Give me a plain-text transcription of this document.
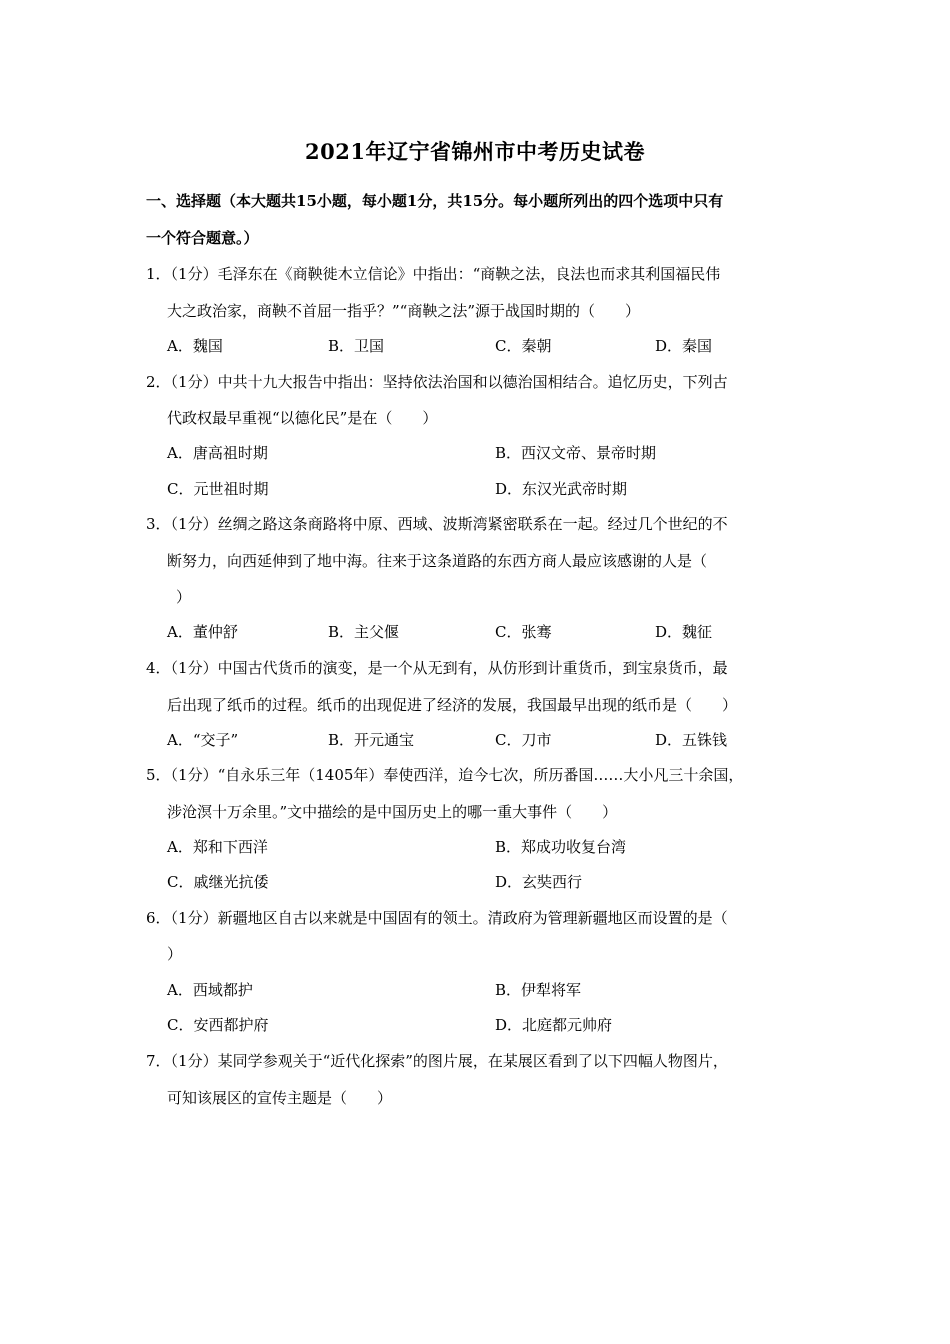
2021年辽宁省锦州市中考历史试卷
一、选择题（本大题共15小题，每小题1分，共15分。每小题所列出的四个选项中只有
一个符合题意。）
1．（1分）毛泽东在《商鞅徙木立信论》中指出：“商鞅之法，良法也而求其利国福民伟
大之政治家，商鞅不首屈一指乎？”“商鞅之法”源于战国时期的（　　）
A．魏国	B．卫国	C．秦朝	D．秦国
2．（1分）中共十九大报告中指出：坚持依法治国和以德治国相结合。追忆历史，下列古
代政权最早重视“以德化民”是在（　　）
A．唐高祖时期	B．西汉文帝、景帝时期
C．元世祖时期	D．东汉光武帝时期
3．（1分）丝绸之路这条商路将中原、西域、波斯湾紧密联系在一起。经过几个世纪的不
断努力，向西延伸到了地中海。往来于这条道路的东西方商人最应该感谢的人是（
）
A．董仲舒	B．主父偃	C．张骞	D．魏征
4．（1分）中国古代货币的演变，是一个从无到有，从仿形到计重货币，到宝泉货币，最
后出现了纸币的过程。纸币的出现促进了经济的发展，我国最早出现的纸币是（　　）
A．“交子”	B．开元通宝	C．刀市	D．五铢钱
5．（1分）“自永乐三年（1405年）奉使西洋，迨今七次，所历番国……大小凡三十余国，
涉沧溟十万余里。”文中描绘的是中国历史上的哪一重大事件（　　）
A．郑和下西洋	B．郑成功收复台湾
C．戚继光抗倭	D．玄奘西行
6．（1分）新疆地区自古以来就是中国固有的领土。清政府为管理新疆地区而设置的是（
）
A．西域都护	B．伊犁将军
C．安西都护府	D．北庭都元帅府
7．（1分）某同学参观关于“近代化探索”的图片展，在某展区看到了以下四幅人物图片，
可知该展区的宣传主题是（　　）
